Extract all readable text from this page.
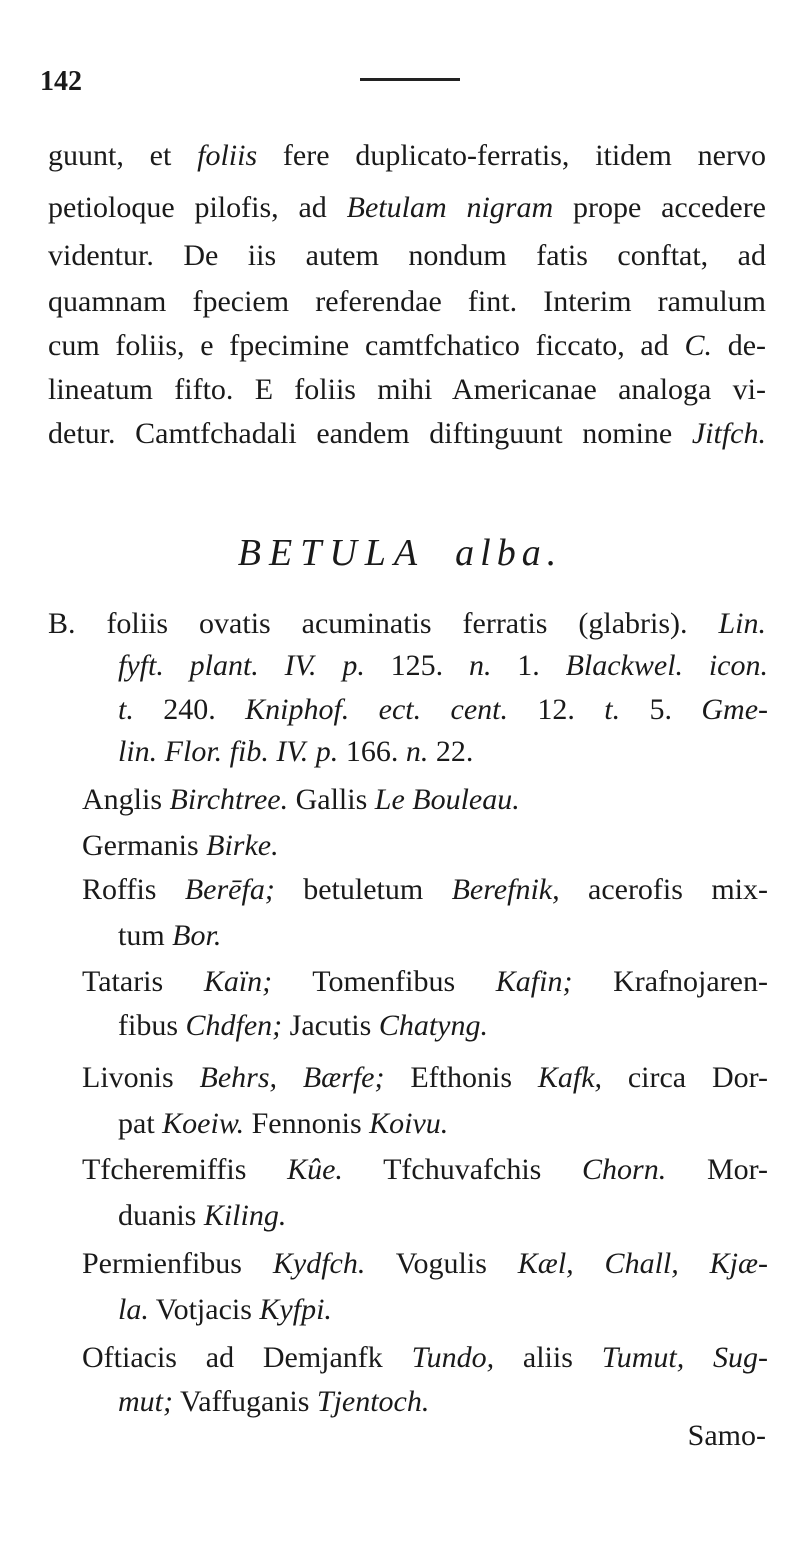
142
guunt, et foliis fere duplicato-ferratis, itidem nervo
petioloque pilofis, ad Betulam nigram prope accedere
videntur. De iis autem nondum fatis conftat, ad
quamnam fpeciem referendae fint. Interim ramulum
cum foliis, e fpecimine camtfchatico ficcato, ad C. de-
lineatum fifto. E foliis mihi Americanae analoga vi-
detur. Camtfchadali eandem diftinguunt nomine Jitfch.
BETULA alba.
B. foliis ovatis acuminatis ferratis (glabris). Lin.
fyft. plant. IV. p. 125. n. 1. Blackwel. icon.
t. 240. Kniphof. ect. cent. 12. t. 5. Gme-
lin. Flor. fib. IV. p. 166. n. 22.
Anglis Birchtree. Gallis Le Bouleau.
Germanis Birke.
Roffis Berēfa; betuletum Berefnik, acerofis mix-
tum Bor.
Tataris Kaïn; Tomenfibus Kafin; Krafnojaren-
fibus Chdfen; Jacutis Chatyng.
Livonis Behrs, Bærfe; Efthonis Kafk, circa Dor-
pat Koeiw. Fennonis Koivu.
Tfcheremiffis Kûe. Tfchuvafchis Chorn. Mor-
duanis Kiling.
Permienfibus Kydfch. Vogulis Kæl, Chall, Kjæ-
la. Votjacis Kyfpi.
Oftiacis ad Demjanfk Tundo, aliis Tumut, Sug-
mut; Vaffuganis Tjentoch.
Samo-
